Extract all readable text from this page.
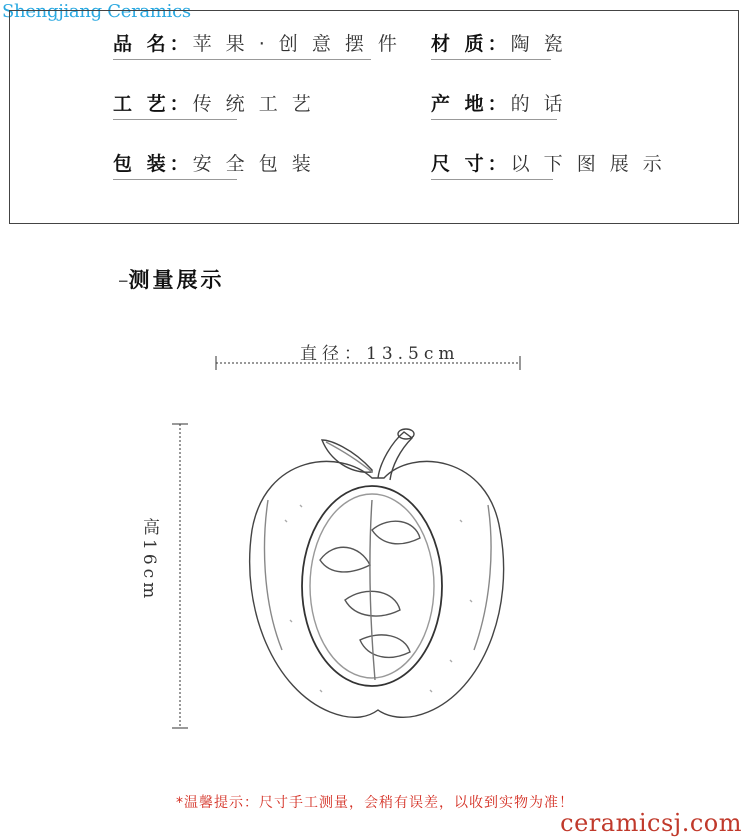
Shengjiang Ceramics
品 名：苹 果 · 创 意 摆 件 材 质：陶 瓷
工 艺：传 统 工 艺	产 地：的 话
包 装：安 全 包 装	尺 寸：以 下 图 展 示
–测量展示
直径：13.5cm
高16cm
*温馨提示：尺寸手工测量，会稍有误差，以收到实物为准！
ceramicsj.com
